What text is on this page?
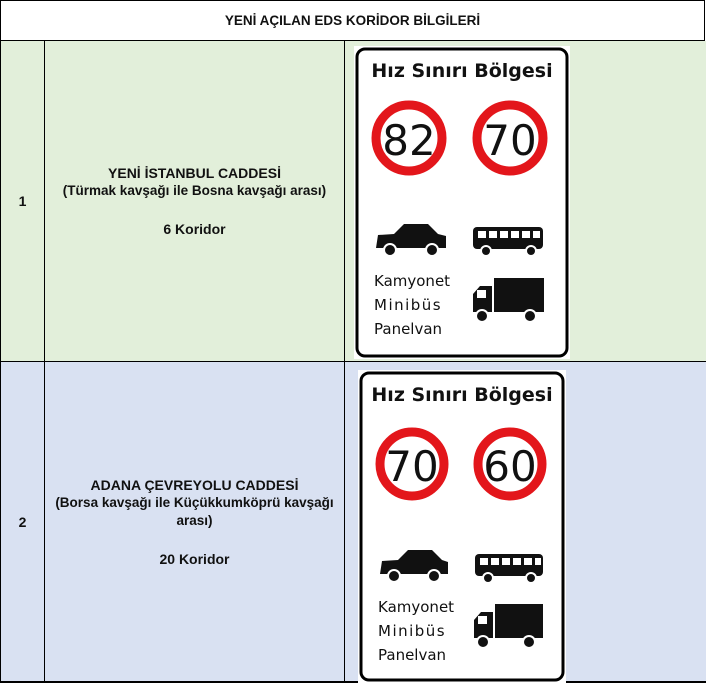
YENİ AÇILAN EDS KORİDOR BİLGİLERİ
1
YENİ İSTANBUL CADDESİ
(Türmak kavşağı ile Bosna kavşağı arası)
6 Koridor
Hız Sınırı Bölgesi
82 70
Kamyonet
Minibüs
Panelvan
2
ADANA ÇEVREYOLU CADDESİ
(Borsa kavşağı ile Küçükkumköprü kavşağı arası)
20 Koridor
Hız Sınırı Bölgesi
70 60
Kamyonet
Minibüs
Panelvan
